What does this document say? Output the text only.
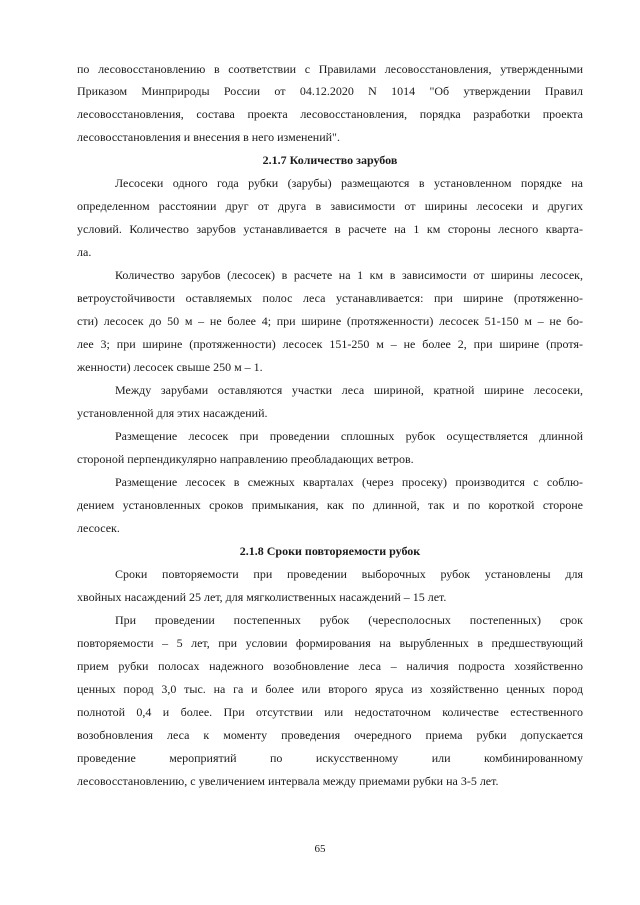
по лесовосстановлению в соответствии с Правилами лесовосстановления, утвержденными
Приказом Минприроды России от 04.12.2020 N 1014 "Об утверждении Правил
лесовосстановления, состава проекта лесовосстановления, порядка разработки проекта
лесовосстановления и внесения в него изменений".
2.1.7 Количество зарубов
Лесосеки одного года рубки (зарубы) размещаются в установленном порядке на
определенном расстоянии друг от друга в зависимости от ширины лесосеки и других
условий. Количество зарубов устанавливается в расчете на 1 км стороны лесного кварта-
ла.
Количество зарубов (лесосек) в расчете на 1 км в зависимости от ширины лесосек,
ветроустойчивости оставляемых полос леса устанавливается: при ширине (протяженно-
сти) лесосек до 50 м – не более 4; при ширине (протяженности) лесосек 51-150 м – не бо-
лее 3; при ширине (протяженности) лесосек 151-250 м – не более 2, при ширине (протя-
женности) лесосек свыше 250 м – 1.
Между зарубами оставляются участки леса шириной, кратной ширине лесосеки,
установленной для этих насаждений.
Размещение лесосек при проведении сплошных рубок осуществляется длинной
стороной перпендикулярно направлению преобладающих ветров.
Размещение лесосек в смежных кварталах (через просеку) производится с соблю-
дением установленных сроков примыкания, как по длинной, так и по короткой стороне
лесосек.
2.1.8 Сроки повторяемости рубок
Сроки повторяемости при проведении выборочных рубок установлены для
хвойных насаждений 25 лет, для мягколиственных насаждений – 15 лет.
При проведении постепенных рубок (чересполосных постепенных) срок
повторяемости – 5 лет, при условии формирования на вырубленных в предшествующий
прием рубки полосах надежного возобновление леса – наличия подроста хозяйственно
ценных пород 3,0 тыс. на га и более или второго яруса из хозяйственно ценных пород
полнотой 0,4 и более. При отсутствии или недостаточном количестве естественного
возобновления леса к моменту проведения очередного приема рубки допускается
проведение мероприятий по искусственному или комбинированному
лесовосстановлению, с увеличением интервала между приемами рубки на 3-5 лет.
65
